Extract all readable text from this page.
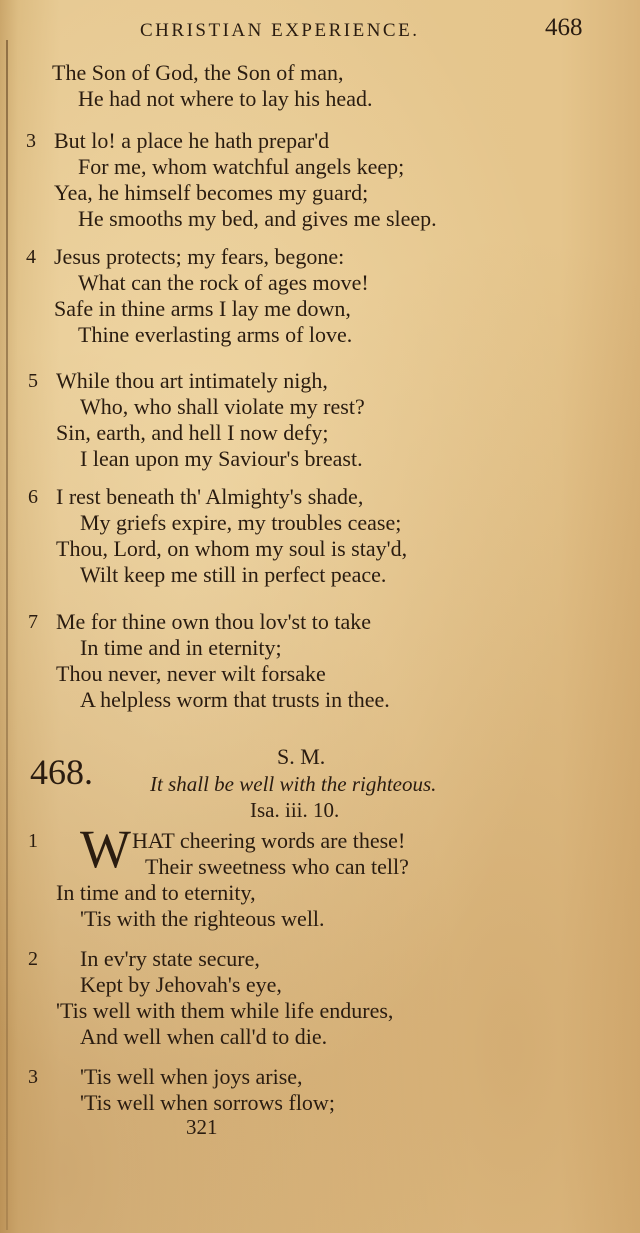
CHRISTIAN EXPERIENCE.	468
The Son of God, the Son of man,
He had not where to lay his head.
3 But lo! a place he hath prepar'd
For me, whom watchful angels keep;
Yea, he himself becomes my guard;
He smooths my bed, and gives me sleep.
4 Jesus protects; my fears, begone:
What can the rock of ages move!
Safe in thine arms I lay me down,
Thine everlasting arms of love.
5 While thou art intimately nigh,
Who, who shall violate my rest?
Sin, earth, and hell I now defy;
I lean upon my Saviour's breast.
6 I rest beneath th' Almighty's shade,
My griefs expire, my troubles cease;
Thou, Lord, on whom my soul is stay'd,
Wilt keep me still in perfect peace.
7 Me for thine own thou lov'st to take
In time and in eternity;
Thou never, never wilt forsake
A helpless worm that trusts in thee.
468.	S. M.
It shall be well with the righteous.
Isa. iii. 10.
1 W HAT cheering words are these!
Their sweetness who can tell?
In time and to eternity,
'Tis with the righteous well.
2 In ev'ry state secure,
Kept by Jehovah's eye,
'Tis well with them while life endures,
And well when call'd to die.
3 'Tis well when joys arise,
'Tis well when sorrows flow;
321
